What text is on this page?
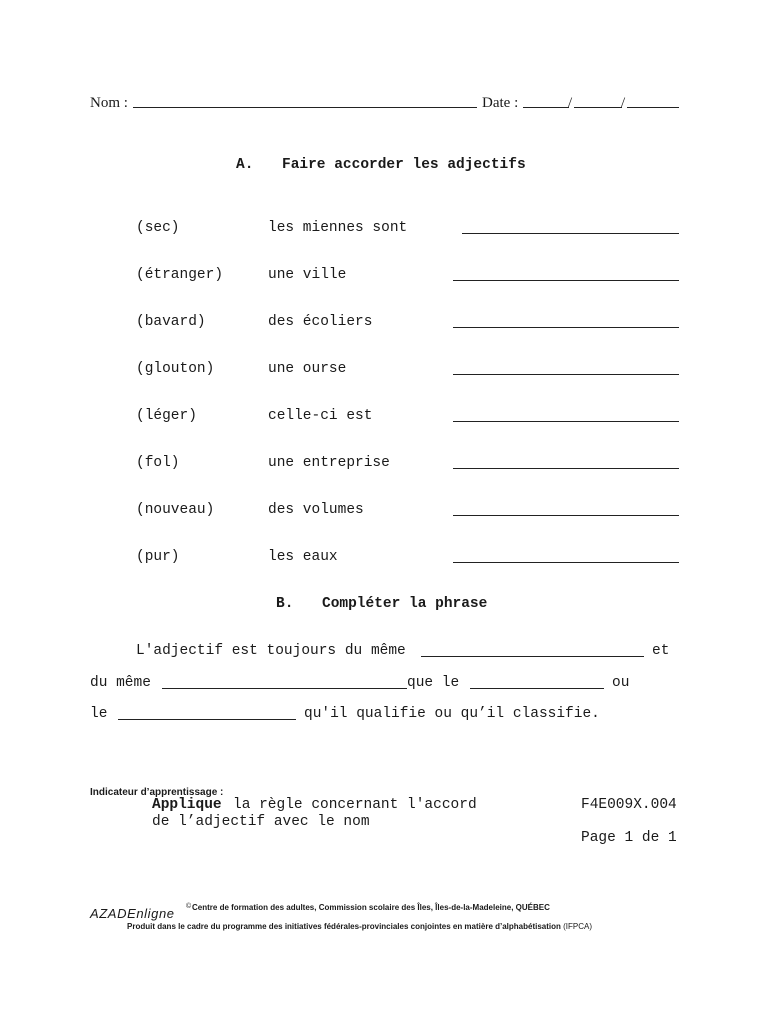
Nom :	Date :	/	/
A. Faire accorder les adjectifs
(sec)	les miennes sont
(étranger)	une ville
(bavard)	des écoliers
(glouton)	une ourse
(léger)	celle-ci est
(fol)	une entreprise
(nouveau)	des volumes
(pur)	les eaux
B. Compléter la phrase
L'adjectif est toujours du même	et
du même	que le	ou
le	qu'il qualifie ou qu’il classifie.
Indicateur d’apprentissage :
Applique la règle concernant l'accord
de l’adjectif avec le nom
F4E009X.004
Page 1 de 1
AZADEnligne © Centre de formation des adultes, Commission scolaire des Îles, Îles-de-la-Madeleine, QUÉBEC
Produit dans le cadre du programme des initiatives fédérales-provinciales conjointes en matière d’alphabétisation (IFPCA)
